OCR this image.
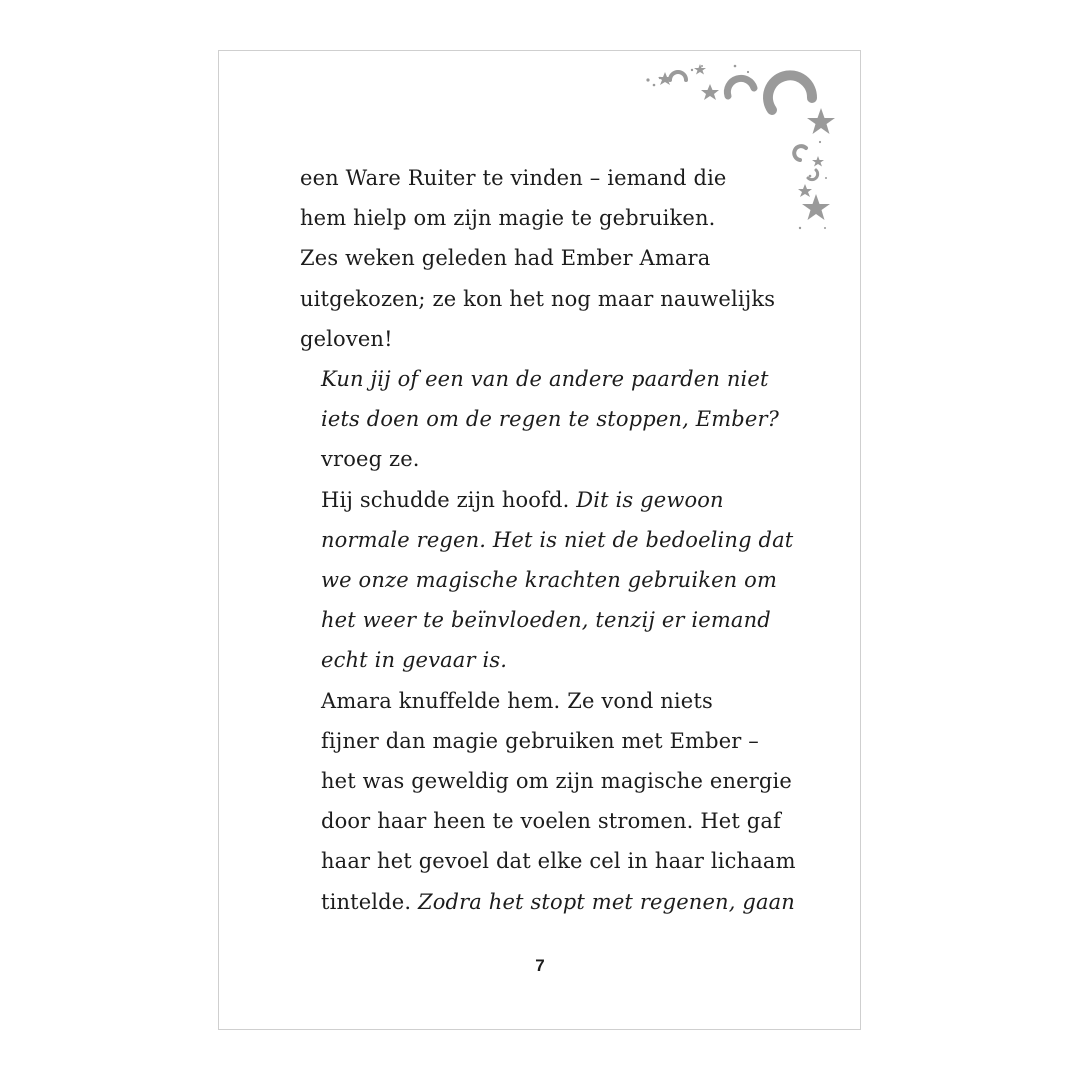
een Ware Ruiter te vinden – iemand die
hem hielp om zijn magie te gebruiken.
Zes weken geleden had Ember Amara
uitgekozen; ze kon het nog maar nauwelijks
geloven!

Kun jij of een van de andere paarden niet
iets doen om de regen te stoppen, Ember?
vroeg ze.

Hij schudde zijn hoofd. Dit is gewoon
normale regen. Het is niet de bedoeling dat
we onze magische krachten gebruiken om
het weer te beïnvloeden, tenzij er iemand
echt in gevaar is.

Amara knuffelde hem. Ze vond niets
fijner dan magie gebruiken met Ember –
het was geweldig om zijn magische energie
door haar heen te voelen stromen. Het gaf
haar het gevoel dat elke cel in haar lichaam
tintelde. Zodra het stopt met regenen, gaan

7
